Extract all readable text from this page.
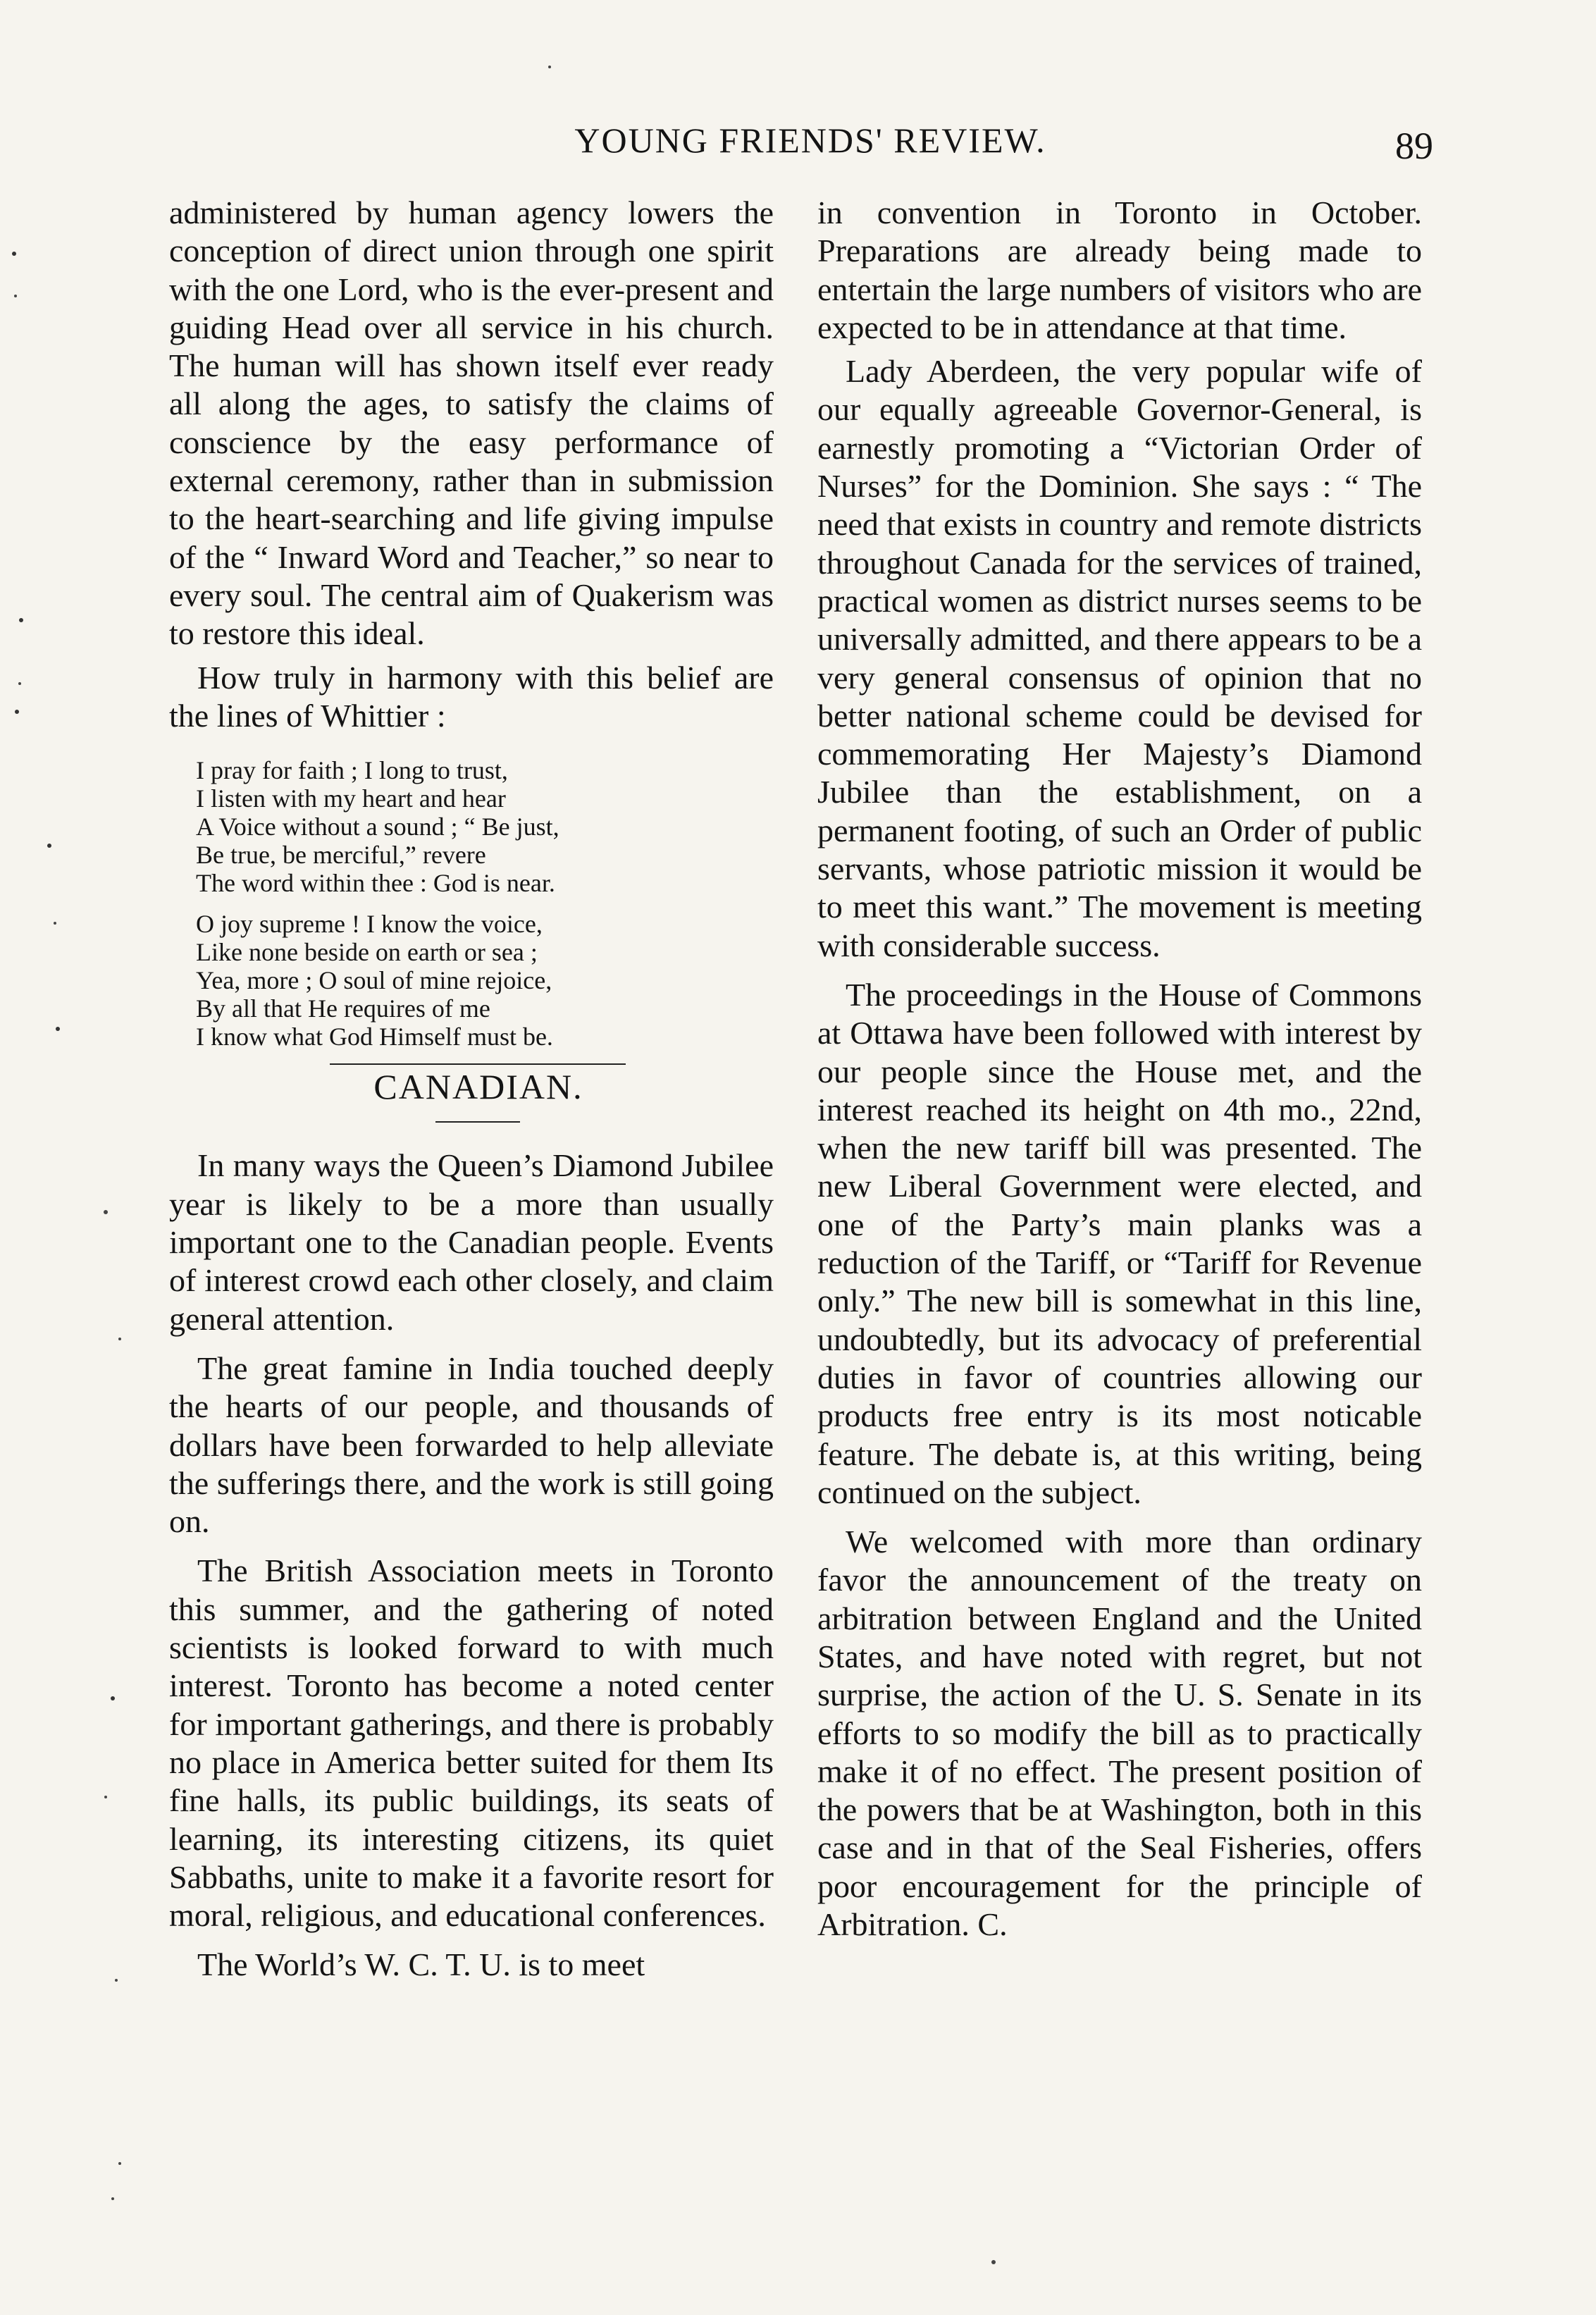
YOUNG FRIENDS' REVIEW.	89

administered by human agency lowers the conception of direct union through one spirit with the one Lord, who is the ever-present and guiding Head over all service in his church. The human will has shown itself ever ready all along the ages, to satisfy the claims of conscience by the easy performance of external ceremony, rather than in submission to the heart-searching and life giving impulse of the “ Inward Word and Teacher,” so near to every soul. The central aim of Quakerism was to restore this ideal.

How truly in harmony with this belief are the lines of Whittier :

I pray for faith ; I long to trust,
I listen with my heart and hear
A Voice without a sound ; “ Be just,
Be true, be merciful,” revere
The word within thee : God is near.
O joy supreme ! I know the voice,
Like none beside on earth or sea ;
Yea, more ; O soul of mine rejoice,
By all that He requires of me
I know what God Himself must be.
CANADIAN.

In many ways the Queen’s Diamond Jubilee year is likely to be a more than usually important one to the Canadian people. Events of interest crowd each other closely, and claim general attention.

The great famine in India touched deeply the hearts of our people, and thousands of dollars have been forwarded to help alleviate the sufferings there, and the work is still going on.

The British Association meets in Toronto this summer, and the gathering of noted scientists is looked forward to with much interest. Toronto has become a noted center for important gatherings, and there is probably no place in America better suited for them Its fine halls, its public buildings, its seats of learning, its interesting citizens, its quiet Sabbaths, unite to make it a favorite resort for moral, religious, and educational conferences.

The World’s W. C. T. U. is to meet

in convention in Toronto in October. Preparations are already being made to entertain the large numbers of visitors who are expected to be in attendance at that time.

Lady Aberdeen, the very popular wife of our equally agreeable Governor-General, is earnestly promoting a “Victorian Order of Nurses” for the Dominion. She says : “ The need that exists in country and remote districts throughout Canada for the services of trained, practical women as district nurses seems to be universally admitted, and there appears to be a very general consensus of opinion that no better national scheme could be devised for commemorating Her Majesty’s Diamond Jubilee than the establishment, on a permanent footing, of such an Order of public servants, whose patriotic mission it would be to meet this want.” The movement is meeting with considerable success.

The proceedings in the House of Commons at Ottawa have been followed with interest by our people since the House met, and the interest reached its height on 4th mo., 22nd, when the new tariff bill was presented. The new Liberal Government were elected, and one of the Party’s main planks was a reduction of the Tariff, or “Tariff for Revenue only.” The new bill is somewhat in this line, undoubtedly, but its advocacy of preferential duties in favor of countries allowing our products free entry is its most noticable feature. The debate is, at this writing, being continued on the subject.

We welcomed with more than ordinary favor the announcement of the treaty on arbitration between England and the United States, and have noted with regret, but not surprise, the action of the U. S. Senate in its efforts to so modify the bill as to practically make it of no effect. The present position of the powers that be at Washington, both in this case and in that of the Seal Fisheries, offers poor encouragement for the principle of Arbitration. C.
